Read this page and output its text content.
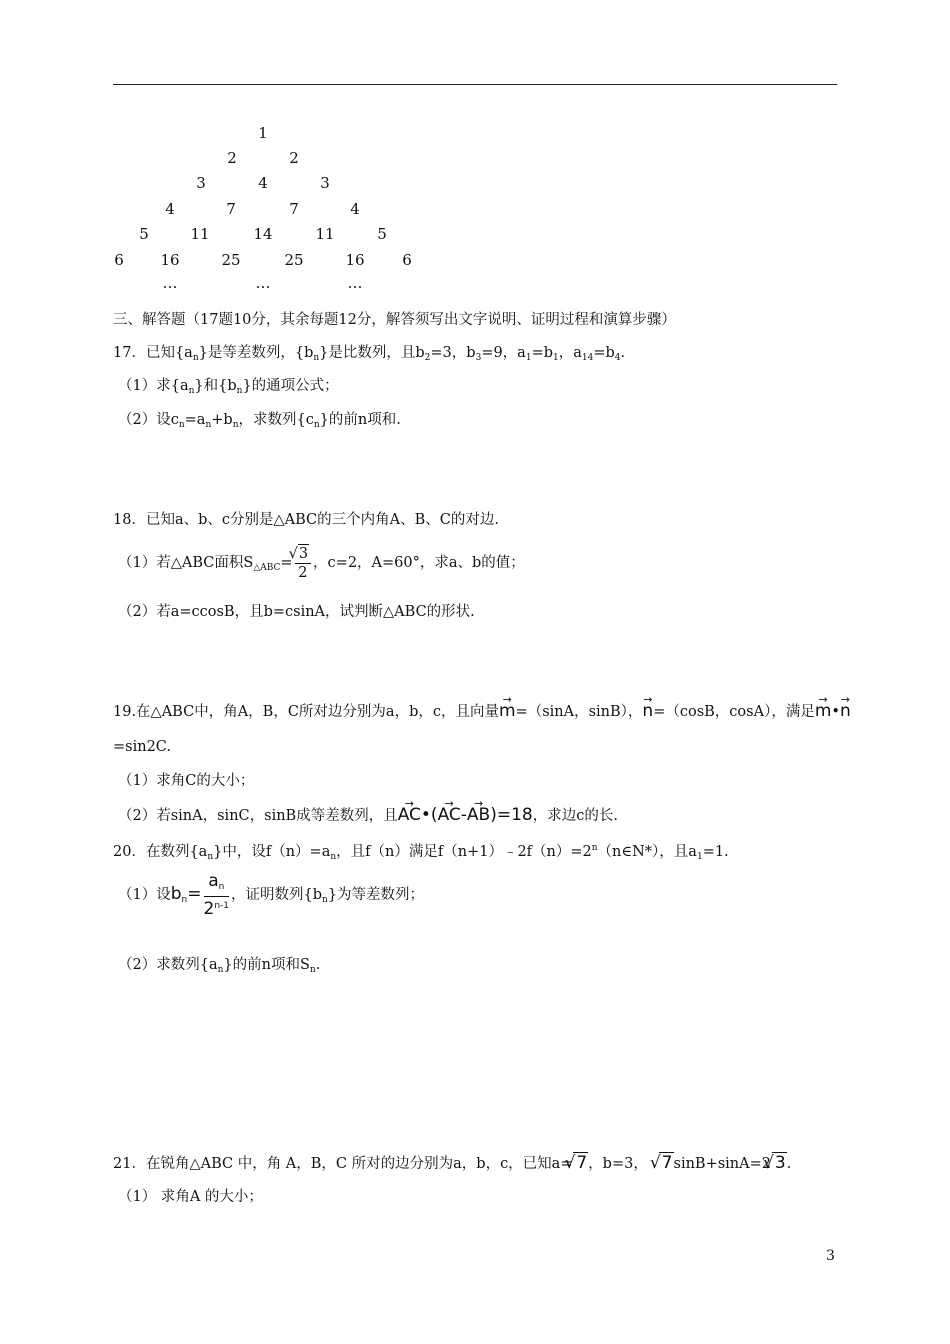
1
2	2
3	4	3
4	7	7	4
5	11	14	11	5
6 16	25	25	16	6
…	…	…
三、解答题（17题10分，其余每题12分，解答须写出文字说明、证明过程和演算步骤）
17．已知$\{a_n\}$是等差数列，$\{b_n\}$是比数列，且$b_2=3$，$b_3=9$，$a_1=b_1$，$a_{14}=b_4$.
（1）求$\{a_n\}$和$\{b_n\}$的通项公式；
（2）设$c_n=a_n+b_n$，求数列$\{c_n\}$的前n项和.
18．已知a、b、c分别是△ABC的三个内角A、B、C的对边.
（1）若△ABC面积$S_{\triangle ABC}=$ √ $\frac{3}{2}$ ，c=2，A=60°，求a、b的值；
（2）若a=ccosB，且b=csinA，试判断△ABC的形状.
19.在△ABC中，角A，B，C所对边分别为a，b，c，且向量→ m=（sinA，sinB），→ n=（cosB，cosA），满足→ m•→ n
=sin2C.
（1）求角C的大小；
（2）若sinA，sinC，sinB成等差数列，且→ AC•(→ AC-→ AB)=18，求边c的长.
20．在数列$\{a_n\}$中，设$f(n)=a_n$，且f（n）满足$f(n+1)﹣2f(n)=2^n(n\in N*)$，且$a_1=1$.
（1）设$b_n= \frac{a_n}{2^{n-1}}$ ，证明数列$\{b_n\}$为等差数列；
（2）求数列$\{a_n\}$的前n项和$S_n$.
21．在锐角△ABC 中，角 A，B，C 所对的边分别为a，b，c，已知a= √ 7，b=3， √ 7sinB+sinA=2 √ 3.
（1） 求角A 的大小；
3
